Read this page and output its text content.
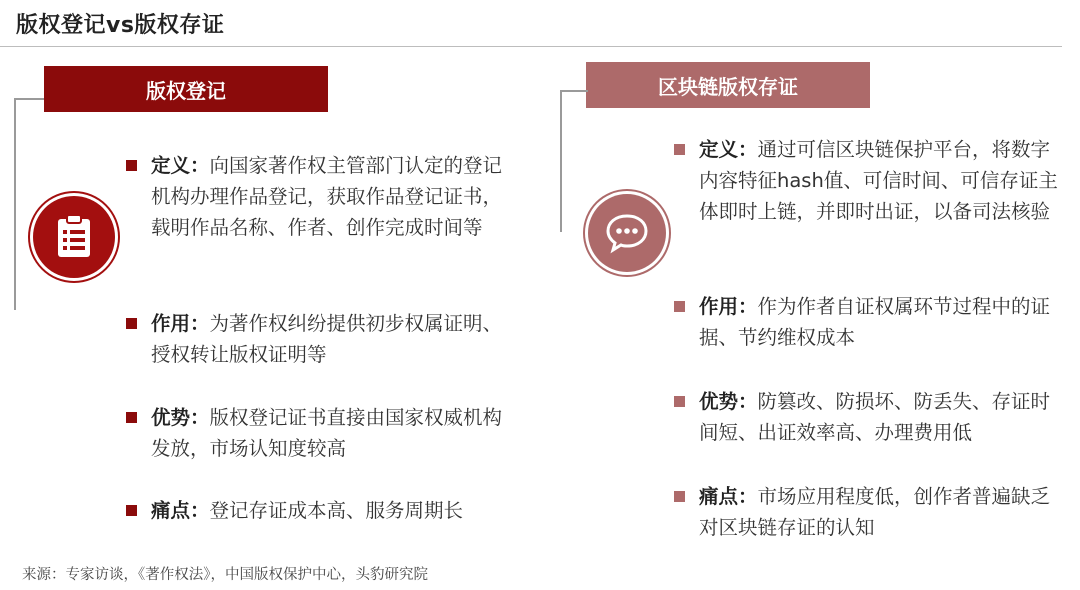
版权登记vs版权存证
版权登记
定义：向国家著作权主管部门认定的登记机构办理作品登记，获取作品登记证书，载明作品名称、作者、创作完成时间等
作用：为著作权纠纷提供初步权属证明、授权转让版权证明等
优势：版权登记证书直接由国家权威机构发放，市场认知度较高
痛点：登记存证成本高、服务周期长
区块链版权存证
定义：通过可信区块链保护平台，将数字内容特征hash值、可信时间、可信存证主体即时上链，并即时出证，以备司法核验
作用：作为作者自证权属环节过程中的证据、节约维权成本
优势：防篡改、防损坏、防丢失、存证时间短、出证效率高、办理费用低
痛点：市场应用程度低，创作者普遍缺乏对区块链存证的认知
来源：专家访谈，《著作权法》，中国版权保护中心，头豹研究院
